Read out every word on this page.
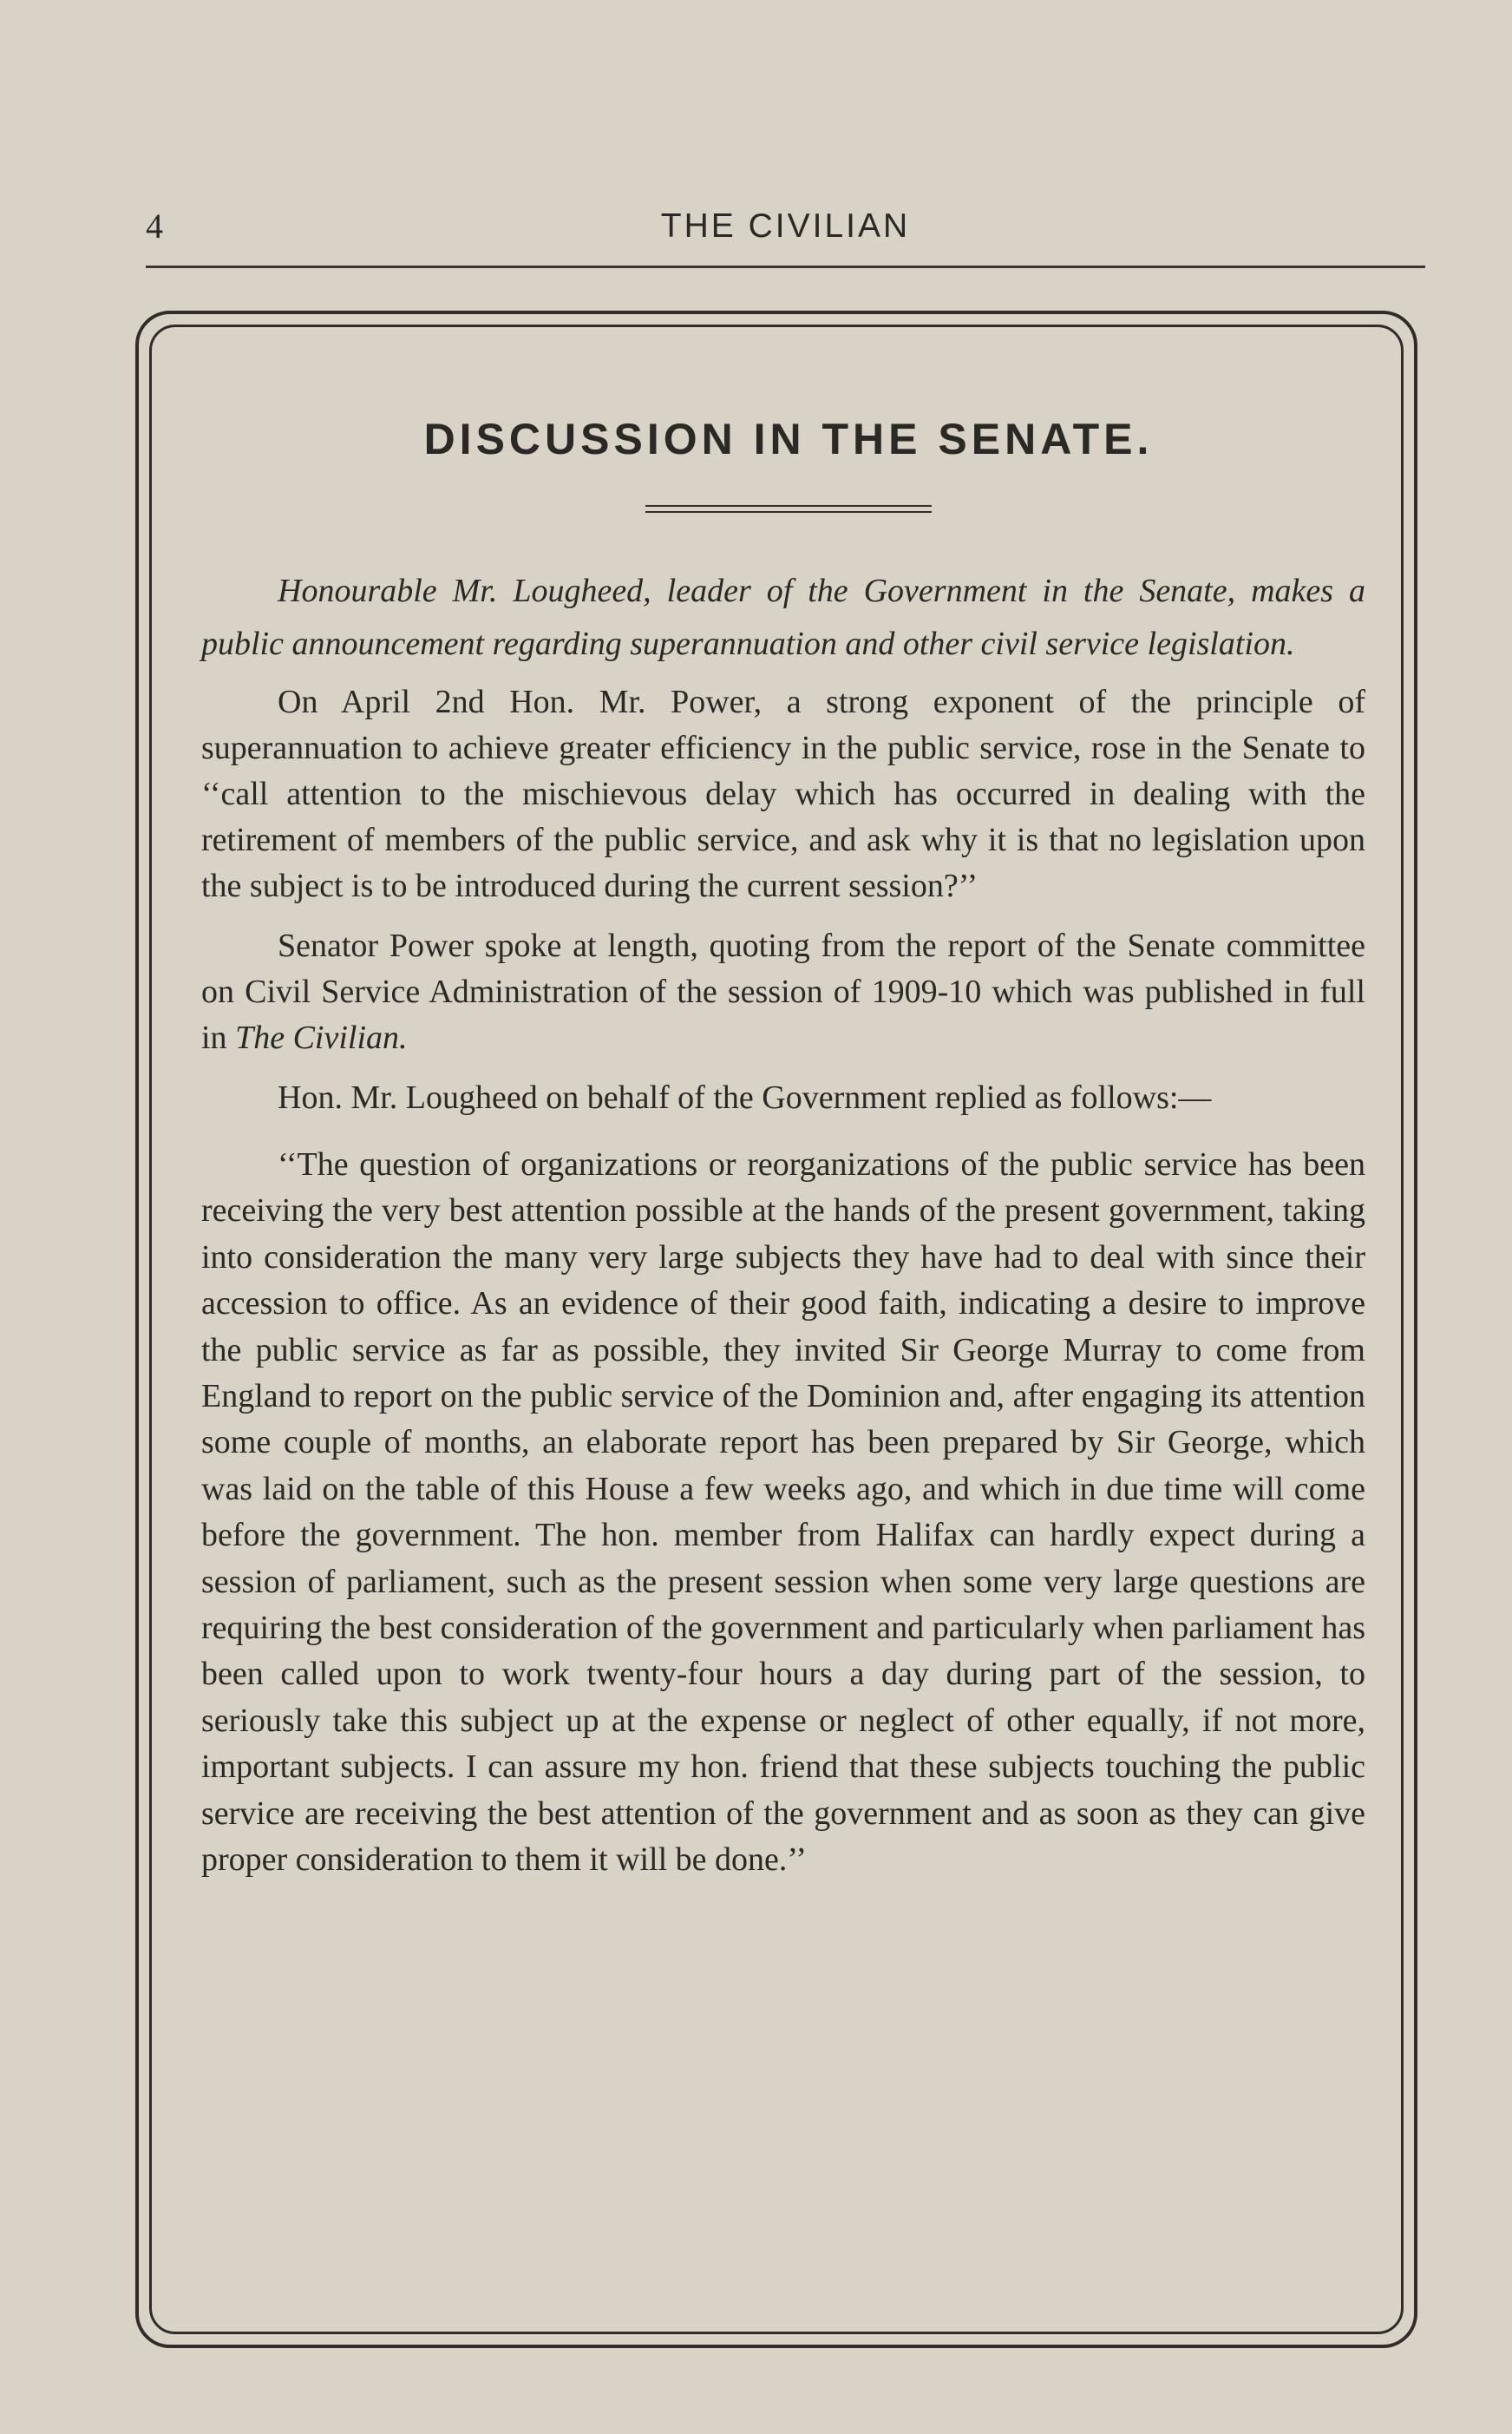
4	THE CIVILIAN
DISCUSSION IN THE SENATE.

Honourable Mr. Lougheed, leader of the Government in the Senate, makes a public announcement regarding superannuation and other civil service legislation.

On April 2nd Hon. Mr. Power, a strong exponent of the principle of superannuation to achieve greater efficiency in the public service, rose in the Senate to ‘‘call attention to the mischievous delay which has occurred in dealing with the retirement of members of the public service, and ask why it is that no legislation upon the subject is to be introduced during the current session?’’

Senator Power spoke at length, quoting from the report of the Senate committee on Civil Service Administration of the session of 1909-10 which was published in full in The Civilian.

Hon. Mr. Lougheed on behalf of the Government replied as follows:—

‘‘The question of organizations or reorganizations of the public service has been receiving the very best attention possible at the hands of the present government, taking into consideration the many very large subjects they have had to deal with since their accession to office. As an evidence of their good faith, indicating a desire to improve the public service as far as possible, they invited Sir George Murray to come from England to report on the public service of the Dominion and, after engaging its attention some couple of months, an elaborate report has been prepared by Sir George, which was laid on the table of this House a few weeks ago, and which in due time will come before the government. The hon. member from Halifax can hardly expect during a session of parliament, such as the present session when some very large questions are requiring the best consideration of the government and particularly when parliament has been called upon to work twenty-four hours a day during part of the session, to seriously take this subject up at the expense or neglect of other equally, if not more, important subjects. I can assure my hon. friend that these subjects touching the public service are receiving the best attention of the government and as soon as they can give proper consideration to them it will be done.’’
